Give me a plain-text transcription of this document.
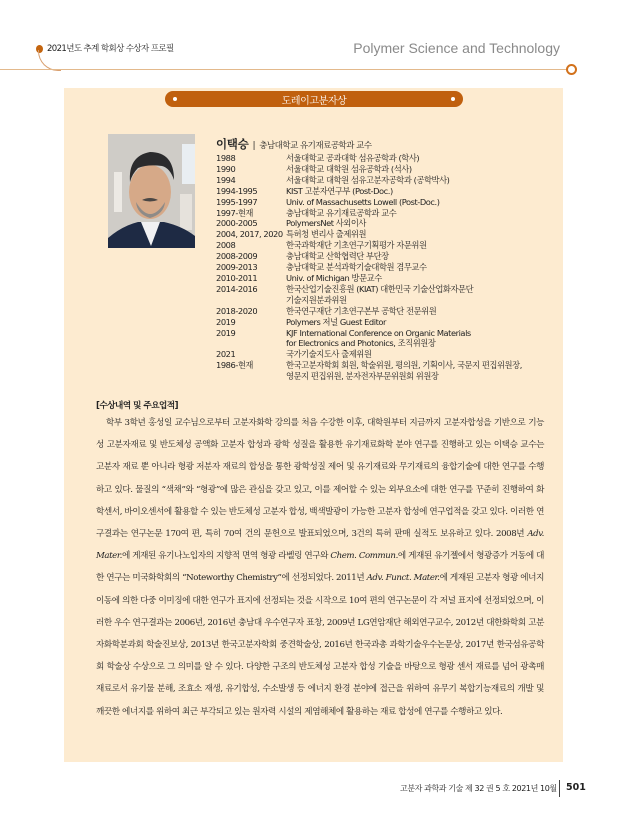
2021년도 추계 학회상 수상자 프로필	Polymer Science and Technology
도레이고분자상
이택승 | 충남대학교 유기재료공학과 교수
1988	서울대학교 공과대학 섬유공학과 (학사)
1990	서울대학교 대학원 섬유공학과 (석사)
1994	서울대학교 대학원 섬유고분자공학과 (공학박사)
1994-1995	KIST 고분자연구부 (Post-Doc.)
1995-1997	Univ. of Massachusetts Lowell (Post-Doc.)
1997-현재	충남대학교 유기재료공학과 교수
2000-2005	PolymersNet 사외이사
2004, 2017, 2020 특허청 변리사 출제위원
2008	한국과학재단 기초연구기획평가 자문위원
2008-2009	충남대학교 산학협력단 부단장
2009-2013	충남대학교 분석과학기술대학원 겸무교수
2010-2011	Univ. of Michigan 방문교수
2014-2016	한국산업기술진흥원 (KIAT) 대한민국 기술산업화자문단
기술지원분과위원
2018-2020	한국연구재단 기초연구본부 공학단 전문위원
2019	Polymers 저널 Guest Editor
2019	KJF International Conference on Organic Materials
for Electronics and Photonics, 조직위원장
2021	국가기술지도사 출제위원
1986-현재	한국고분자학회 회원, 학술위원, 평의원, 기획이사, 국문지 편집위원장,
영문지 편집위원, 분자전자부문위원회 위원장
[수상내역 및 주요업적]
학부 3학년 홍성일 교수님으로부터 고분자화학 강의를 처음 수강한 이후, 대학원부터 지금까지 고분자합성을 기반으로 기능성 고분자재료 및 반도체성 공액화 고분자 합성과 광학 성질을 활용한 유기재료화학 분야 연구를 진행하고 있는 이택승 교수는 고분자 재료 뿐 아니라 형광 저분자 재료의 합성을 통한 광학성질 제어 및 유기재료와 무기재료의 융합기술에 대한 연구를 수행하고 있다. 물질의 “색채”와 “형광”에 많은 관심을 갖고 있고, 이를 제어할 수 있는 외부요소에 대한 연구를 꾸준히 진행하여 화학센서, 바이오센서에 활용할 수 있는 반도체성 고분자 합성, 백색발광이 가능한 고분자 합성에 연구업적을 갖고 있다. 이러한 연구결과는 연구논문 170여 편, 특히 70여 건의 문헌으로 발표되었으며, 3건의 특허 판매 실적도 보유하고 있다. 2008년 Adv. Mater.에 게재된 유기나노입자의 지향적 면역 형광 라벨링 연구와 Chem. Commun.에 게재된 유기젤에서 형광증가 거동에 대한 연구는 미국화학회의 “Noteworthy Chemistry”에 선정되었다. 2011년 Adv. Funct. Mater.에 게재된 고분자 형광 에너지 이동에 의한 다중 이미징에 대한 연구가 표지에 선정되는 것을 시작으로 10여 편의 연구논문이 각 저널 표지에 선정되었으며, 이러한 우수 연구결과는 2006년, 2016년 충남대 우수연구자 표창, 2009년 LG연암재단 해외연구교수, 2012년 대한화학회 고분자화학분과회 학술진보상, 2013년 한국고분자학회 중견학술상, 2016년 한국과총 과학기술우수논문상, 2017년 한국섬유공학회 학술상 수상으로 그 의미를 알 수 있다. 다양한 구조의 반도체성 고분자 합성 기술을 바탕으로 형광 센서 재료를 넘어 광촉매 재료로서 유기물 분해, 조효소 재생, 유기합성, 수소발생 등 에너지 환경 분야에 접근을 위하여 유무기 복합기능재료의 개발 및 깨끗한 에너지를 위하여 최근 부각되고 있는 원자력 시설의 제염해체에 활용하는 재료 합성에 연구를 수행하고 있다.
고분자 과학과 기술 제 32 권 5 호 2021년 10월 501
